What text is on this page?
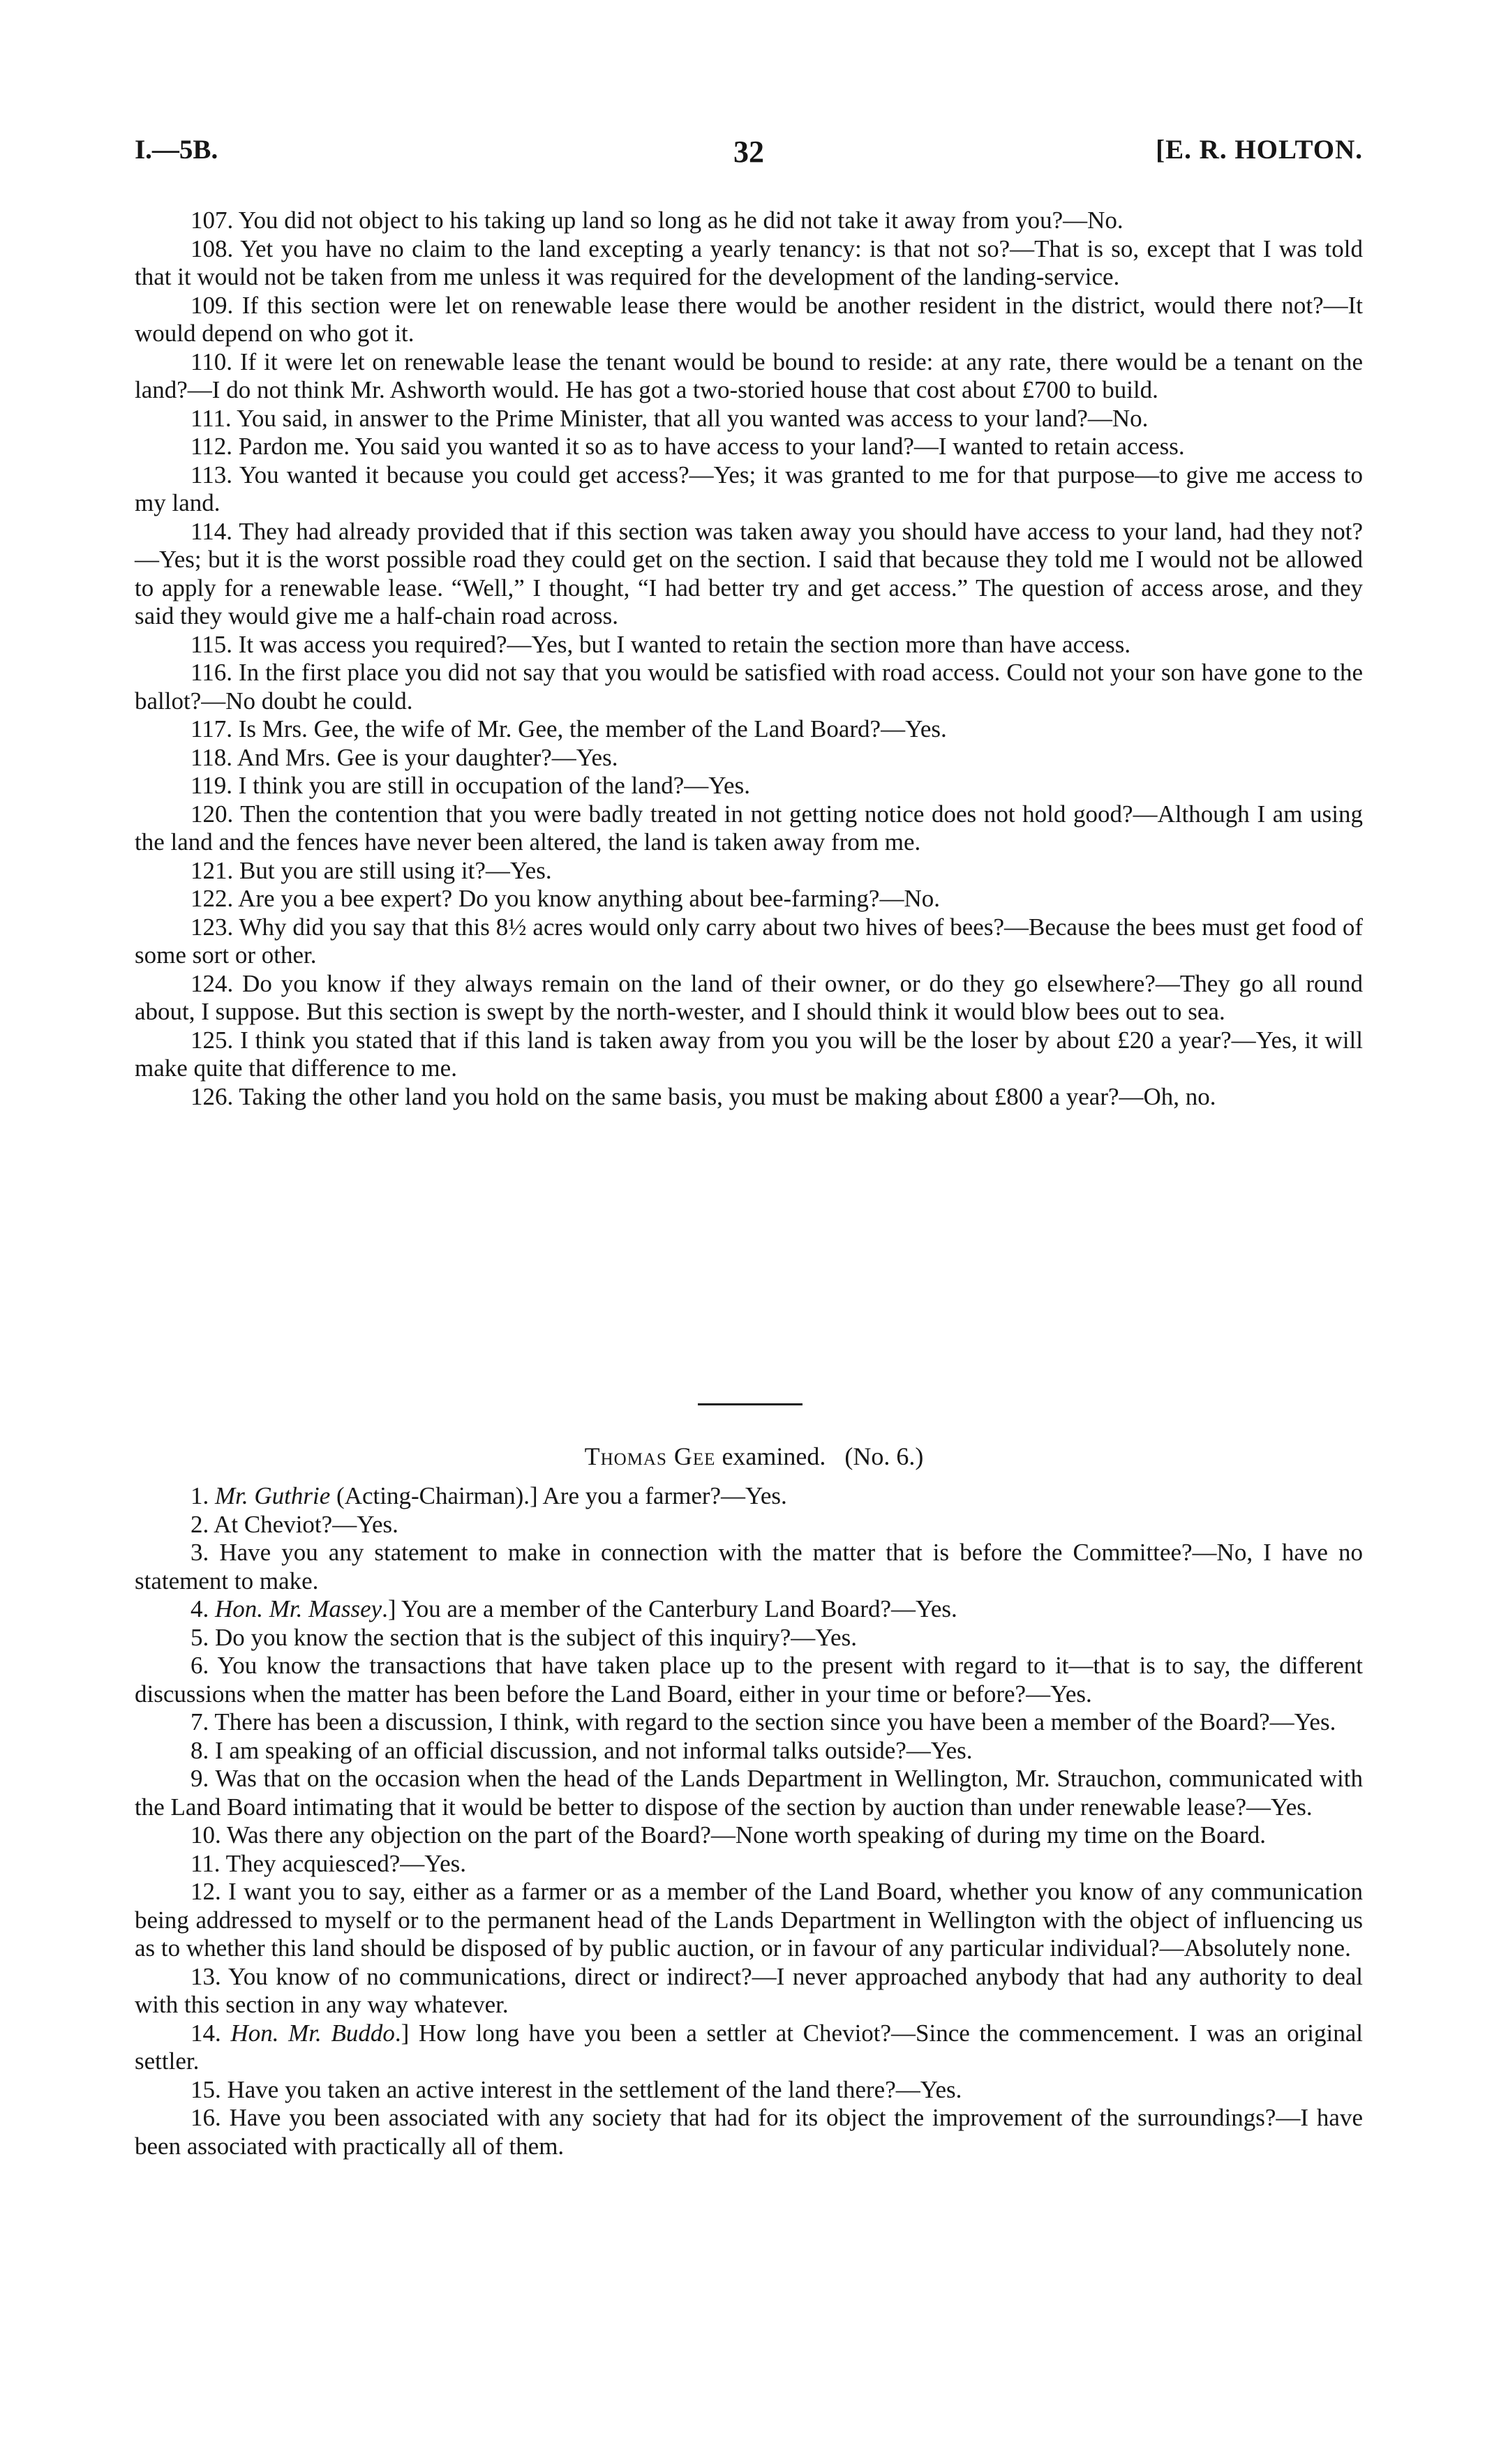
I.—5B.	32	[E. R. HOLTON.

107. You did not object to his taking up land so long as he did not take it away from you?—No.

108. Yet you have no claim to the land excepting a yearly tenancy: is that not so?—That is so, except that I was told that it would not be taken from me unless it was required for the development of the landing-service.

109. If this section were let on renewable lease there would be another resident in the district, would there not?—It would depend on who got it.

110. If it were let on renewable lease the tenant would be bound to reside: at any rate, there would be a tenant on the land?—I do not think Mr. Ashworth would. He has got a two-storied house that cost about £700 to build.

111. You said, in answer to the Prime Minister, that all you wanted was access to your land?—No.

112. Pardon me. You said you wanted it so as to have access to your land?—I wanted to retain access.

113. You wanted it because you could get access?—Yes; it was granted to me for that purpose—to give me access to my land.

114. They had already provided that if this section was taken away you should have access to your land, had they not?—Yes; but it is the worst possible road they could get on the section. I said that because they told me I would not be allowed to apply for a renewable lease. “Well,” I thought, “I had better try and get access.” The question of access arose, and they said they would give me a half-chain road across.

115. It was access you required?—Yes, but I wanted to retain the section more than have access.

116. In the first place you did not say that you would be satisfied with road access. Could not your son have gone to the ballot?—No doubt he could.

117. Is Mrs. Gee, the wife of Mr. Gee, the member of the Land Board?—Yes.

118. And Mrs. Gee is your daughter?—Yes.

119. I think you are still in occupation of the land?—Yes.

120. Then the contention that you were badly treated in not getting notice does not hold good?—Although I am using the land and the fences have never been altered, the land is taken away from me.

121. But you are still using it?—Yes.

122. Are you a bee expert? Do you know anything about bee-farming?—No.

123. Why did you say that this 8½ acres would only carry about two hives of bees?—Because the bees must get food of some sort or other.

124. Do you know if they always remain on the land of their owner, or do they go elsewhere?—They go all round about, I suppose. But this section is swept by the north-wester, and I should think it would blow bees out to sea.

125. I think you stated that if this land is taken away from you you will be the loser by about £20 a year?—Yes, it will make quite that difference to me.

126. Taking the other land you hold on the same basis, you must be making about £800 a year?—Oh, no.

Thomas Gee examined. (No. 6.)

1. Mr. Guthrie (Acting-Chairman).] Are you a farmer?—Yes.

2. At Cheviot?—Yes.

3. Have you any statement to make in connection with the matter that is before the Committee?—No, I have no statement to make.

4. Hon. Mr. Massey.] You are a member of the Canterbury Land Board?—Yes.

5. Do you know the section that is the subject of this inquiry?—Yes.

6. You know the transactions that have taken place up to the present with regard to it—that is to say, the different discussions when the matter has been before the Land Board, either in your time or before?—Yes.

7. There has been a discussion, I think, with regard to the section since you have been a member of the Board?—Yes.

8. I am speaking of an official discussion, and not informal talks outside?—Yes.

9. Was that on the occasion when the head of the Lands Department in Wellington, Mr. Strauchon, communicated with the Land Board intimating that it would be better to dispose of the section by auction than under renewable lease?—Yes.

10. Was there any objection on the part of the Board?—None worth speaking of during my time on the Board.

11. They acquiesced?—Yes.

12. I want you to say, either as a farmer or as a member of the Land Board, whether you know of any communication being addressed to myself or to the permanent head of the Lands Department in Wellington with the object of influencing us as to whether this land should be disposed of by public auction, or in favour of any particular individual?—Absolutely none.

13. You know of no communications, direct or indirect?—I never approached anybody that had any authority to deal with this section in any way whatever.

14. Hon. Mr. Buddo.] How long have you been a settler at Cheviot?—Since the commencement. I was an original settler.

15. Have you taken an active interest in the settlement of the land there?—Yes.

16. Have you been associated with any society that had for its object the improvement of the surroundings?—I have been associated with practically all of them.
